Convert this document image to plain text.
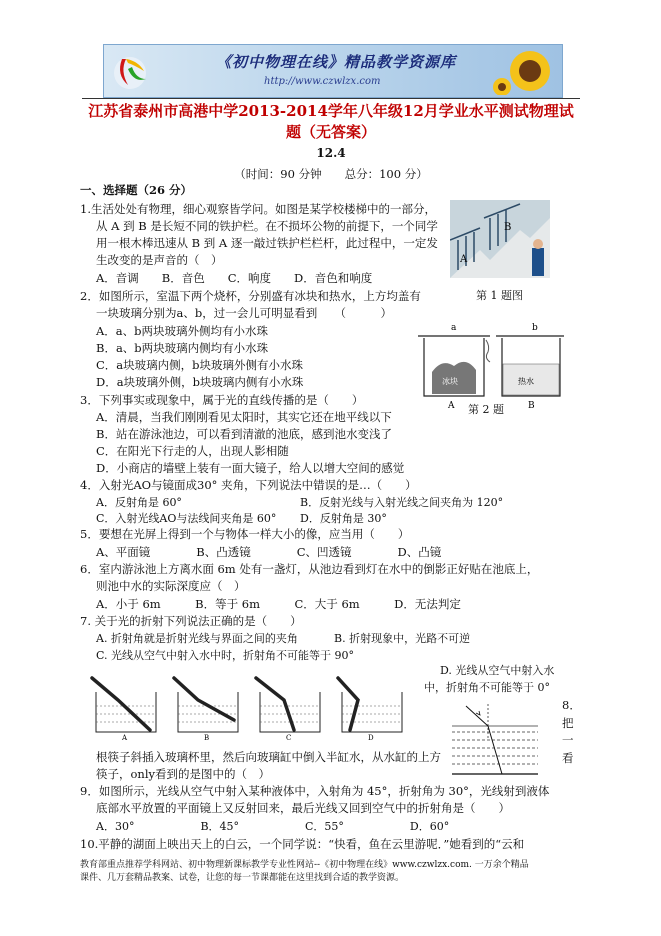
《初中物理在线》精品教学资源库
http://www.czwlzx.com
江苏省泰州市高港中学2013-2014学年八年级12月学业水平测试物理试
题（无答案）
12.4
（时间：90 分钟　　总分：100 分）
一、选择题（26 分）
1.生活处处有物理，细心观察皆学问。如图是某学校楼梯中的一部分，
从 A 到 B 是长短不同的铁护栏。在不损坏公物的前提下，一个同学
用一根木棒迅速从 B 到 A 逐一敲过铁护栏栏杆，此过程中，一定发
生改变的是声音的（　）
A．音调　　B．音色　　C．响度　　D．音色和响度
A
B
第 1 题图
2．如图所示，室温下两个烧杯，分别盛有冰块和热水，上方均盖有
一块玻璃分别为a、b，过一会儿可明显看到　　（　　　）
A．a、b两块玻璃外侧均有小水珠
B．a、b两块玻璃内侧均有小水珠
C．a块玻璃内侧，b块玻璃外侧有小水珠
D．a块玻璃外侧，b块玻璃内侧有小水珠
a	b
冰块	热水
A	B
第 2 题
3．下列事实或现象中，属于光的直线传播的是（　　）
A．清晨，当我们刚刚看见太阳时，其实它还在地平线以下
B．站在游泳池边，可以看到清澈的池底，感到池水变浅了
C．在阳光下行走的人，出现人影相随
D．小商店的墙壁上装有一面大镜子，给人以增大空间的感觉
4．入射光AO与镜面成30° 夹角，下列说法中错误的是…（　　）
A．反射角是 60°	B．反射光线与入射光线之间夹角为 120°
C．入射光线AO与法线间夹角是 60° D．反射角是 30°
5．要想在光屏上得到一个与物体一样大小的像，应当用（　　）
A、平面镜　　　　B、凸透镜　　　　C、凹透镜　　　　D、凸镜
6．室内游泳池上方离水面 6m 处有一盏灯，从池边看到灯在水中的倒影正好贴在池底上，
则池中水的实际深度应（　）
A．小于 6m　　　B．等于 6m　　　C．大于 6m　　　D．无法判定
7. 关于光的折射下列说法正确的是（　　）
A. 折射角就是折射光线与界面之间的夹角	B. 折射现象中，光路不可逆
C. 光线从空气中射入水中时，折射角不可能等于 90°
D. 光线从空气中射入水
中，折射角不可能等于 0°
A	B	C	D
8．
把
一
看
根筷子斜插入玻璃杯里，然后向玻璃缸中倒入半缸水，从水缸的上方
筷子，only看到的是图中的（　）
9．如图所示，光线从空气中射入某种液体中，入射角为 45°，折射角为 30°，光线射到液体
底部水平放置的平面镜上又反射回来，最后光线又回到空气中的折射角是（　　）
A．30°　　　　　　B．45°　　　　　　C．55°　　　　　　D．60°
10.平静的湖面上映出天上的白云，一个同学说：“快看，鱼在云里游呢．”她看到的“云和
教育部重点推荐学科网站、初中物理新课标教学专业性网站--《初中物理在线》www.czwlzx.com. 一万余个精品
课件、几万套精品教案、试卷，让您的每一节课都能在这里找到合适的教学资源。
